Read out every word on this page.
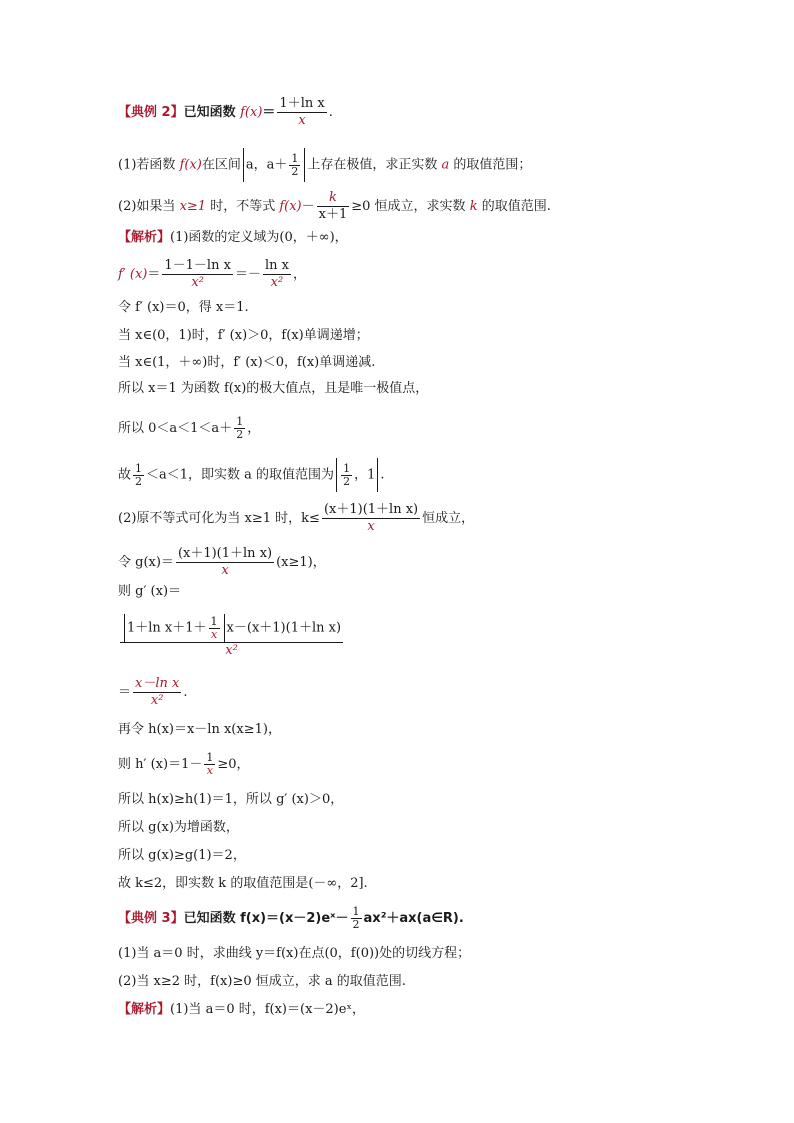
【典例 2】已知函数 $f(x)= \frac{\text{1＋ln x}}{x}$ .
(1)若函数 f(x)在区间 a，$a+ \frac{1}{2}$ 上存在极值，求正实数 a 的取值范围；
(2)如果当 x≥1 时，不等式 $f(x)- \frac{k}{x+1} \ge 0$ 恒成立，求实数 k 的取值范围.
【解析】(1)函数的定义域为(0，＋∞)，
f′ $(x)= \frac{\text{1－1－ln x}}{\text{x²}} =- \frac{\text{ln x}}{\text{x²}}$ ，
令 f′ (x)＝0，得 x＝1.
当 x∈(0，1)时，f′ (x)＞0，f(x)单调递增；
当 x∈(1，＋∞)时，f′ (x)＜0，f(x)单调递减.
所以 x＝1 为函数 f(x)的极大值点，且是唯一极值点，
所以 $0<a<1<a+ \frac{1}{2}$ ，
故 $\frac{1}{2} <a<1$，即实数 a 的取值范围为 $\frac{1}{2}$ ，1 .
(2)原不等式可化为当 x≥1 时，$k\le \frac{\text{(x＋1)(1＋ln x)}}{x}$ 恒成立，
令 $g(x)= \frac{\text{(x＋1)(1＋ln x)}}{x} (x\ge 1)$，
则 g′ (x)＝
$\frac{1+\ln x+1+ \frac{1}{x} x-(x+1)(1+\ln x)}{\text{x²}}$
＝ $\frac{\text{x－ln x}}{\text{x²}}$ .
再令 h(x)＝x－ln x(x≥1)，
则 h′ $(x)=1- \frac{1}{x} \ge 0$，
所以 h(x)≥h(1)＝1，所以 g′ (x)＞0，
所以 g(x)为增函数，
所以 g(x)≥g(1)＝2，
故 k≤2，即实数 k 的取值范围是(－∞，2].
【典例 3】已知函数 f(x)＝(x－2)eˣ－ $\frac{1}{2}$ ax²＋ax(a∈R).
(1)当 a＝0 时，求曲线 y＝f(x)在点(0，f(0))处的切线方程；
(2)当 x≥2 时，f(x)≥0 恒成立，求 a 的取值范围.
【解析】(1)当 a＝0 时，f(x)＝(x－2)eˣ，
